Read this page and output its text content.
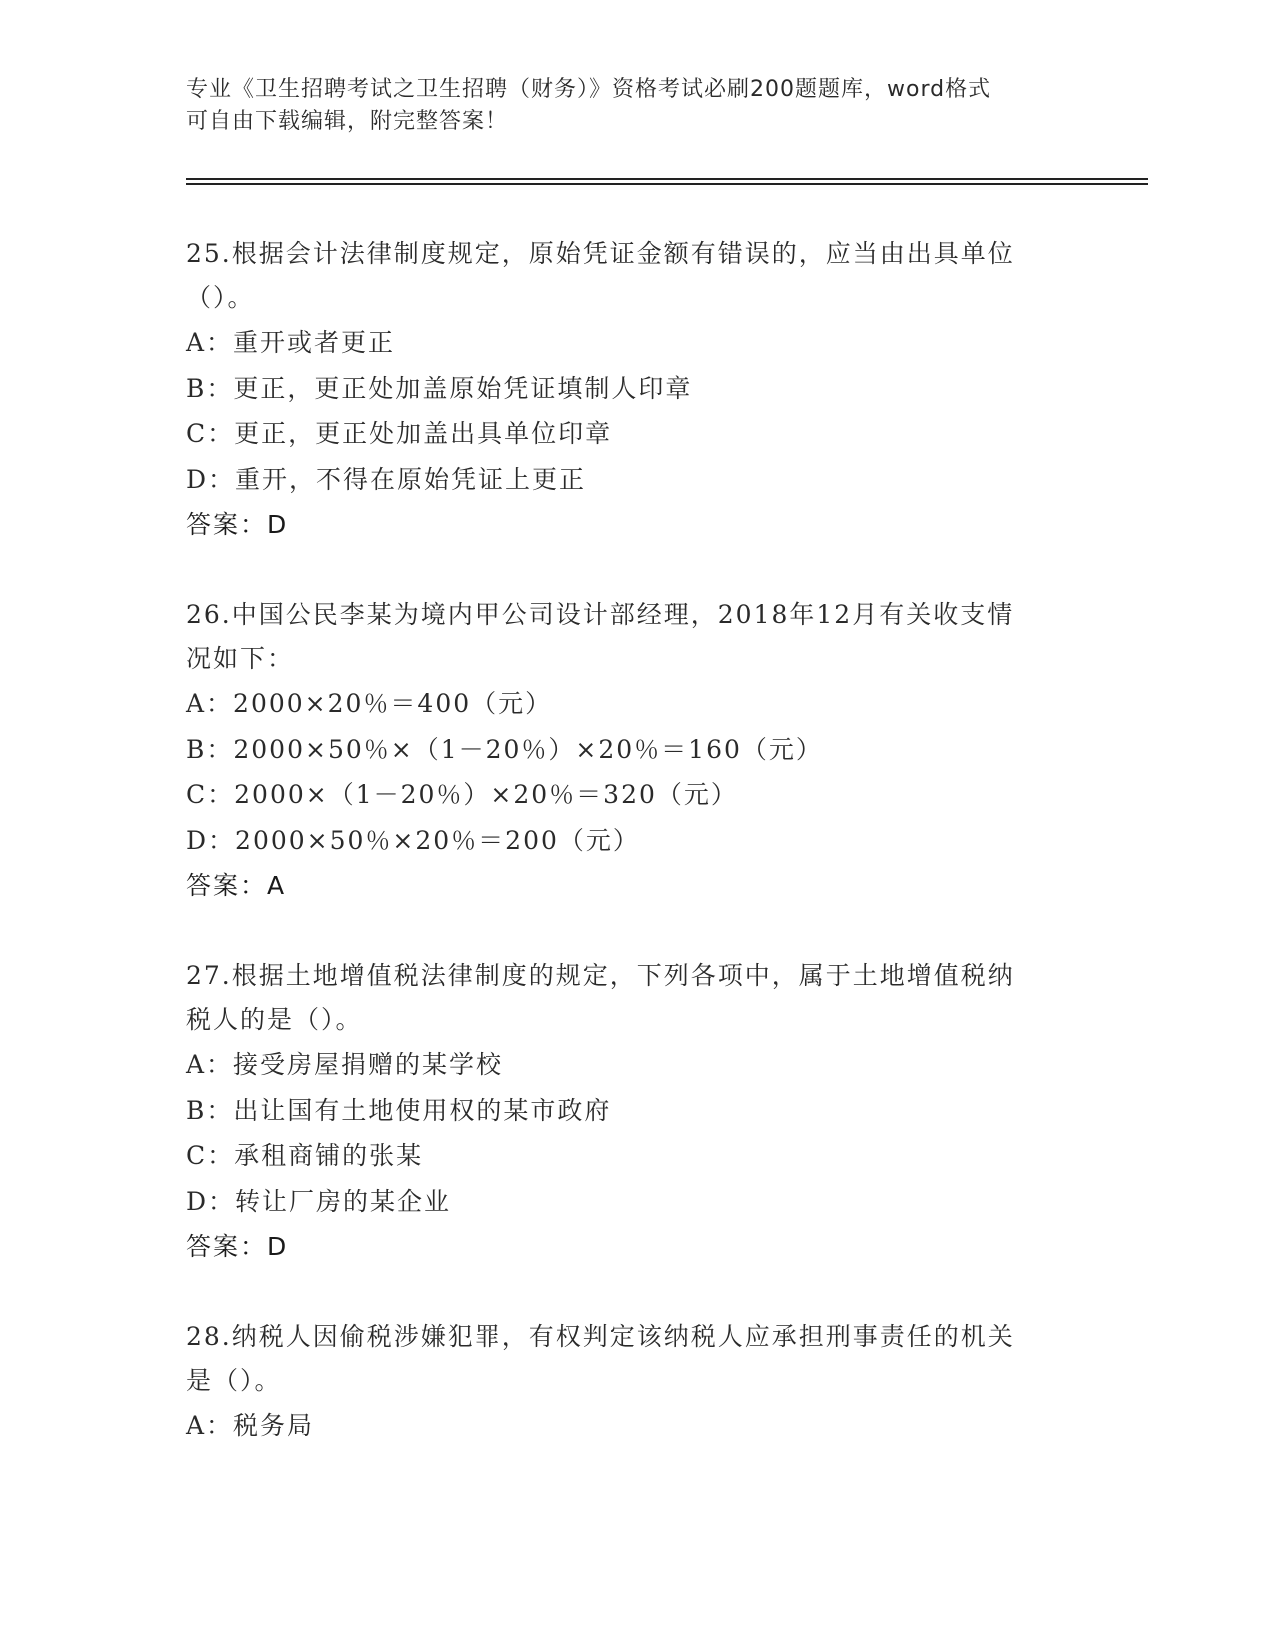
专业《卫生招聘考试之卫生招聘（财务）》资格考试必刷200题题库，word格式

可自由下载编辑，附完整答案！

25.根据会计法律制度规定，原始凭证金额有错误的，应当由出具单位
（）。

A：重开或者更正

B：更正，更正处加盖原始凭证填制人印章

C：更正，更正处加盖出具单位印章

D：重开，不得在原始凭证上更正

答案：D

26.中国公民李某为境内甲公司设计部经理，2018年12月有关收支情
况如下：

A：2000×20％＝400（元）

B：2000×50％×（1－20％）×20％＝160（元）

C：2000×（1－20％）×20％＝320（元）

D：2000×50％×20％＝200（元）

答案：A

27.根据土地增值税法律制度的规定，下列各项中，属于土地增值税纳
税人的是（）。

A：接受房屋捐赠的某学校

B：出让国有土地使用权的某市政府

C：承租商铺的张某

D：转让厂房的某企业

答案：D

28.纳税人因偷税涉嫌犯罪，有权判定该纳税人应承担刑事责任的机关
是（）。

A：税务局
